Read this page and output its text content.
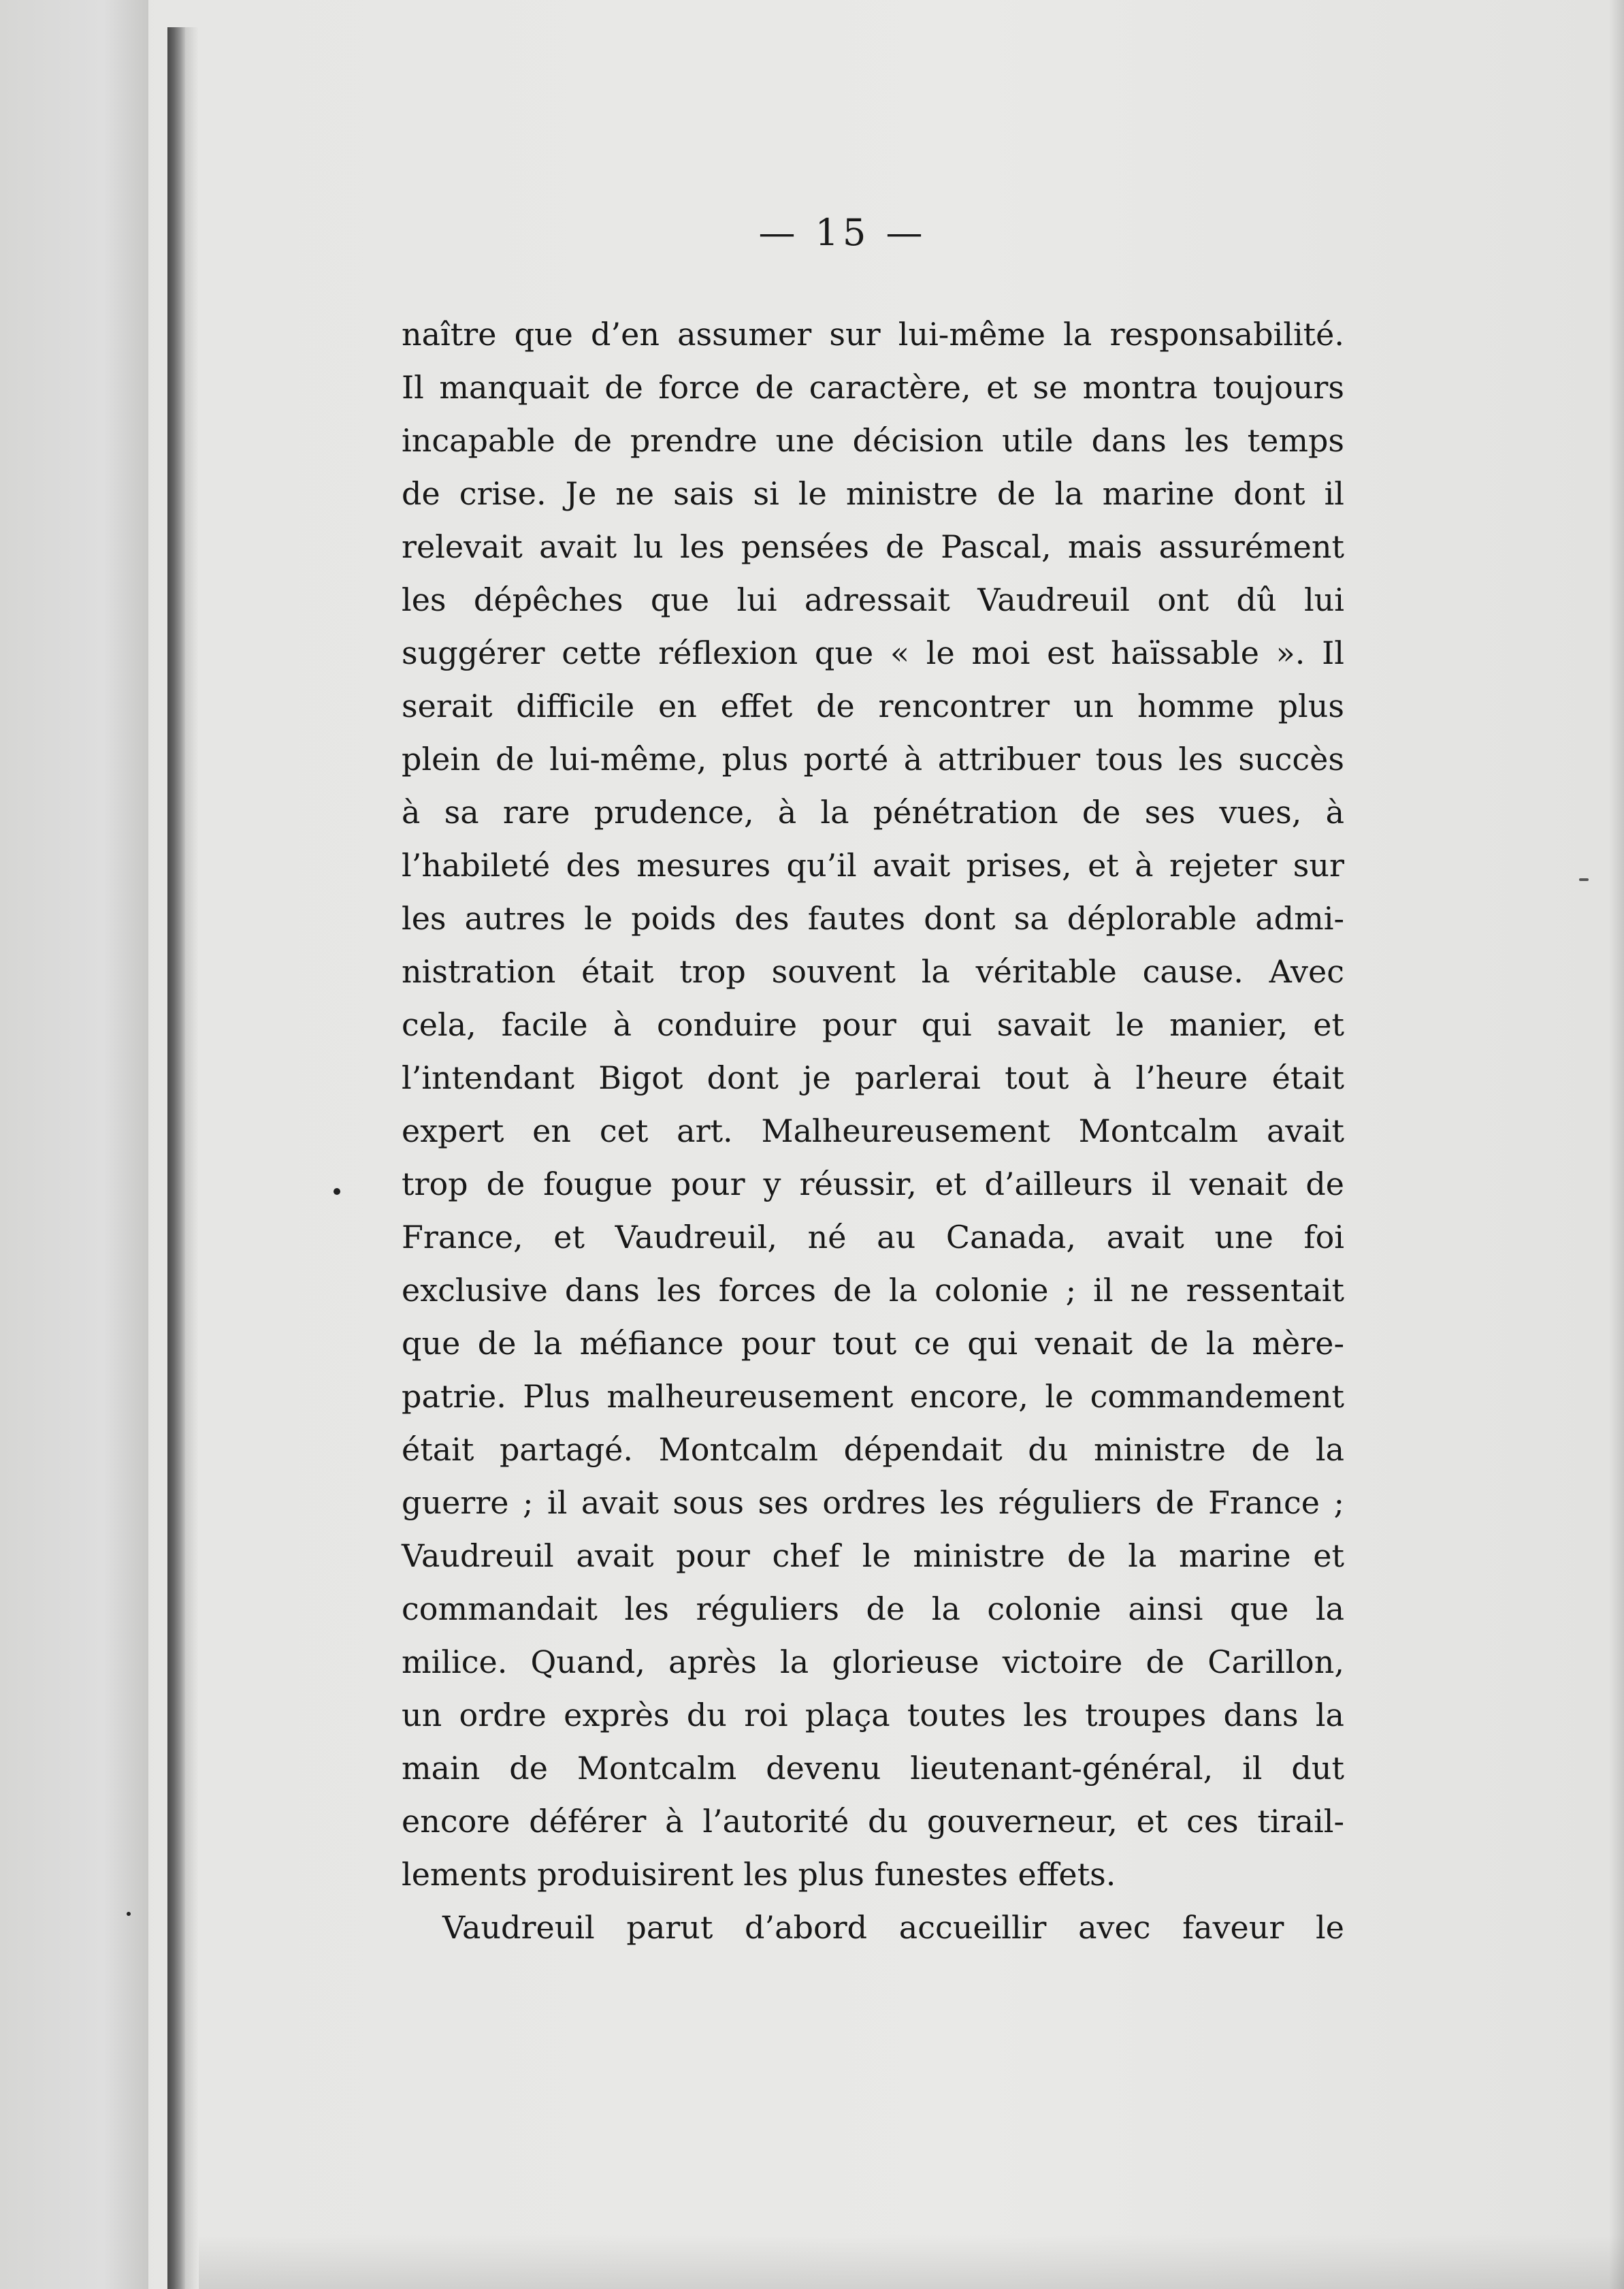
— 15 —
naître que d’en assumer sur lui-même la responsabilité.
Il manquait de force de caractère, et se montra toujours
incapable de prendre une décision utile dans les temps
de crise. Je ne sais si le ministre de la marine dont il
relevait avait lu les pensées de Pascal, mais assurément
les dépêches que lui adressait Vaudreuil ont dû lui
suggérer cette réflexion que « le moi est haïssable ». Il
serait difficile en effet de rencontrer un homme plus
plein de lui-même, plus porté à attribuer tous les succès
à sa rare prudence, à la pénétration de ses vues, à
l’habileté des mesures qu’il avait prises, et à rejeter sur
les autres le poids des fautes dont sa déplorable admi-
nistration était trop souvent la véritable cause. Avec
cela, facile à conduire pour qui savait le manier, et
l’intendant Bigot dont je parlerai tout à l’heure était
expert en cet art. Malheureusement Montcalm avait
trop de fougue pour y réussir, et d’ailleurs il venait de
France, et Vaudreuil, né au Canada, avait une foi
exclusive dans les forces de la colonie ; il ne ressentait
que de la méfiance pour tout ce qui venait de la mère-
patrie. Plus malheureusement encore, le commandement
était partagé. Montcalm dépendait du ministre de la
guerre ; il avait sous ses ordres les réguliers de France ;
Vaudreuil avait pour chef le ministre de la marine et
commandait les réguliers de la colonie ainsi que la
milice. Quand, après la glorieuse victoire de Carillon,
un ordre exprès du roi plaça toutes les troupes dans la
main de Montcalm devenu lieutenant-général, il dut
encore déférer à l’autorité du gouverneur, et ces tirail-
lements produisirent les plus funestes effets.
Vaudreuil parut d’abord accueillir avec faveur le
